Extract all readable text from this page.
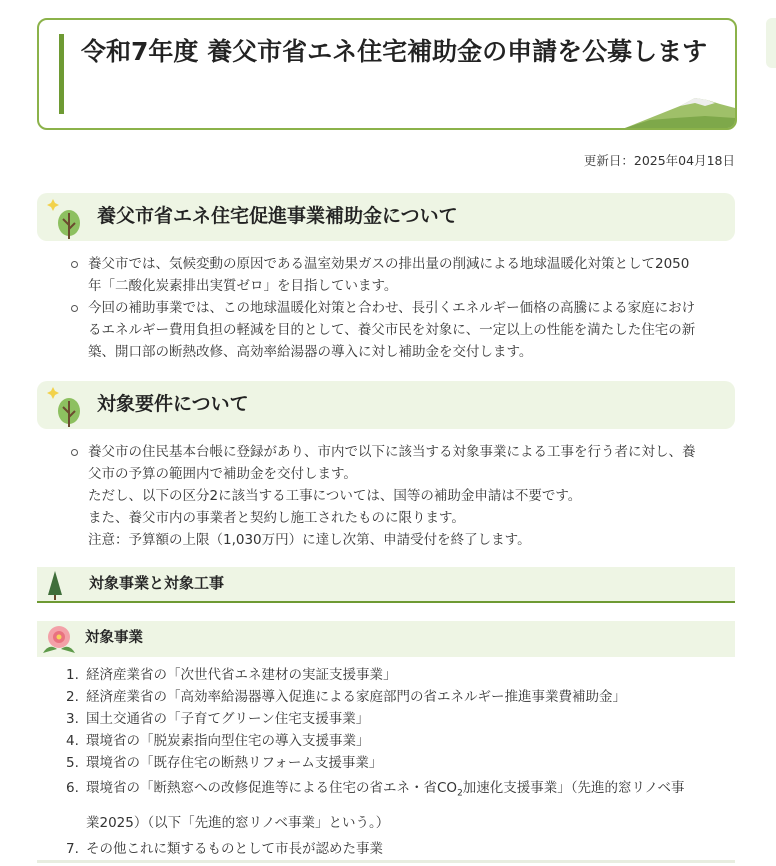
令和7年度 養父市省エネ住宅補助金の申請を公募します
更新日：2025年04月18日
養父市省エネ住宅促進事業補助金について
養父市では、気候変動の原因である温室効果ガスの排出量の削減による地球温暖化対策として2050
年「二酸化炭素排出実質ゼロ」を目指しています。
今回の補助事業では、この地球温暖化対策と合わせ、長引くエネルギー価格の高騰による家庭におけ
るエネルギー費用負担の軽減を目的として、養父市民を対象に、一定以上の性能を満たした住宅の新
築、開口部の断熱改修、高効率給湯器の導入に対し補助金を交付します。
対象要件について
養父市の住民基本台帳に登録があり、市内で以下に該当する対象事業による工事を行う者に対し、養
父市の予算の範囲内で補助金を交付します。
ただし、以下の区分2に該当する工事については、国等の補助金申請は不要です。
また、養父市内の事業者と契約し施工されたものに限ります。
注意：予算額の上限（1,030万円）に達し次第、申請受付を終了します。
対象事業と対象工事
対象事業
1. 経済産業省の「次世代省エネ建材の実証支援事業」
2. 経済産業省の「高効率給湯器導入促進による家庭部門の省エネルギー推進事業費補助金」
3. 国土交通省の「子育てグリーン住宅支援事業」
4. 環境省の「脱炭素指向型住宅の導入支援事業」
5. 環境省の「既存住宅の断熱リフォーム支援事業」
6. 環境省の「断熱窓への改修促進等による住宅の省エネ・省$CO_2$加速化支援事業」（先進的窓リノベ事
業2025）（以下「先進的窓リノベ事業」という。）
7. その他これに類するものとして市長が認めた事業
